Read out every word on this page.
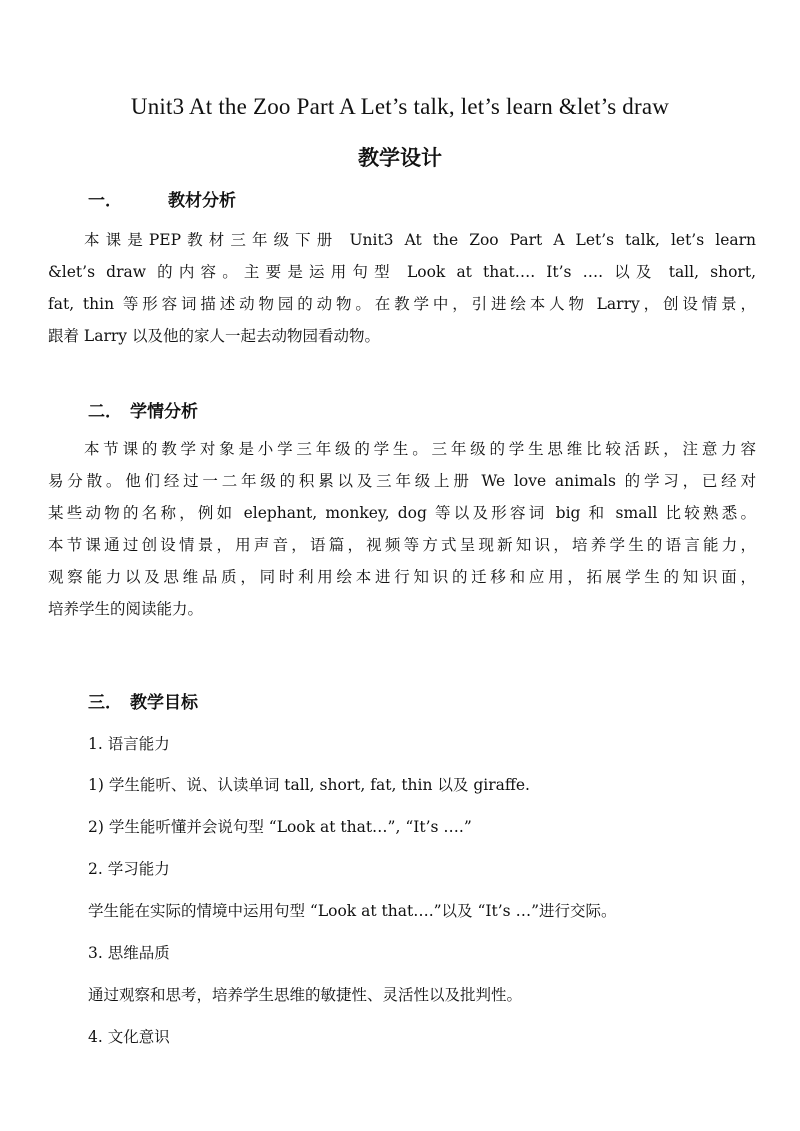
Unit3 At the Zoo Part A Let’s talk, let’s learn &let’s draw
教学设计
一．	教材分析
本课是PEP教材三年级下册 Unit3 At the Zoo Part A Let’s talk, let’s learn
&let’s draw 的内容。主要是运用句型 Look at that…. It’s …. 以及 tall, short,
fat, thin 等形容词描述动物园的动物。在教学中，引进绘本人物 Larry，创设情景，
跟着 Larry 以及他的家人一起去动物园看动物。
二． 学情分析
本节课的教学对象是小学三年级的学生。三年级的学生思维比较活跃，注意力容
易分散。他们经过一二年级的积累以及三年级上册 We love animals 的学习，已经对
某些动物的名称，例如 elephant, monkey, dog 等以及形容词 big 和 small 比较熟悉。
本节课通过创设情景，用声音，语篇，视频等方式呈现新知识，培养学生的语言能力，
观察能力以及思维品质，同时利用绘本进行知识的迁移和应用，拓展学生的知识面，
培养学生的阅读能力。
三． 教学目标
1. 语言能力
1) 学生能听、说、认读单词 tall, short, fat, thin 以及 giraffe.
2) 学生能听懂并会说句型 “Look at that…”, “It’s ….”
2. 学习能力
学生能在实际的情境中运用句型 “Look at that….”以及 “It’s …”进行交际。
3. 思维品质
通过观察和思考，培养学生思维的敏捷性、灵活性以及批判性。
4. 文化意识
